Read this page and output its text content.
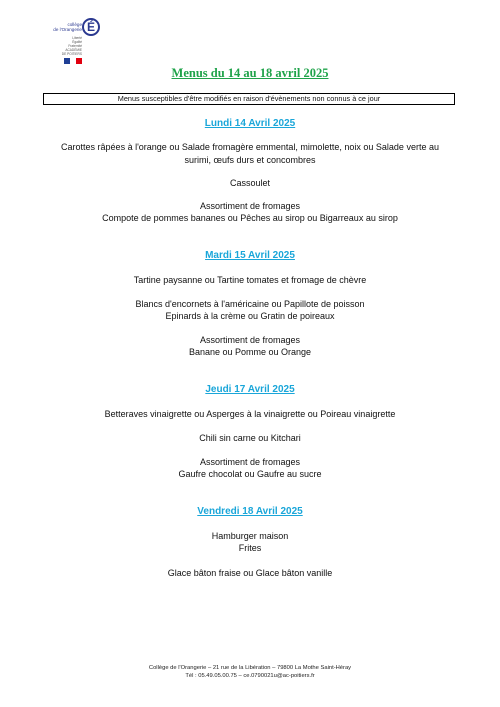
collège
de l'Orangerie É
Liberté
Égalité
Fraternité
ACADÉMIE
DE POITIERS
Menus du 14 au 18 avril 2025
Menus susceptibles d'être modifiés en raison d'évènements non connus à ce jour
Lundi 14 Avril 2025
Carottes râpées à l'orange ou Salade fromagère emmental, mimolette, noix ou Salade verte au
surimi, œufs durs et concombres
Cassoulet
Assortiment de fromages
Compote de pommes bananes ou Pêches au sirop ou Bigarreaux au sirop
Mardi 15 Avril 2025
Tartine paysanne ou Tartine tomates et fromage de chèvre
Blancs d'encornets à l'américaine ou Papillote de poisson
Epinards à la crème ou Gratin de poireaux
Assortiment de fromages
Banane ou Pomme ou Orange
Jeudi 17 Avril 2025
Betteraves vinaigrette ou Asperges à la vinaigrette ou Poireau vinaigrette
Chili sin carne ou Kitchari
Assortiment de fromages
Gaufre chocolat ou Gaufre au sucre
Vendredi 18 Avril 2025
Hamburger maison
Frites
Glace bâton fraise ou Glace bâton vanille
Collège de l'Orangerie – 21 rue de la Libération – 79800 La Mothe Saint-Héray
Tél : 05.49.05.00.75 – ce.0790021u@ac-poitiers.fr
